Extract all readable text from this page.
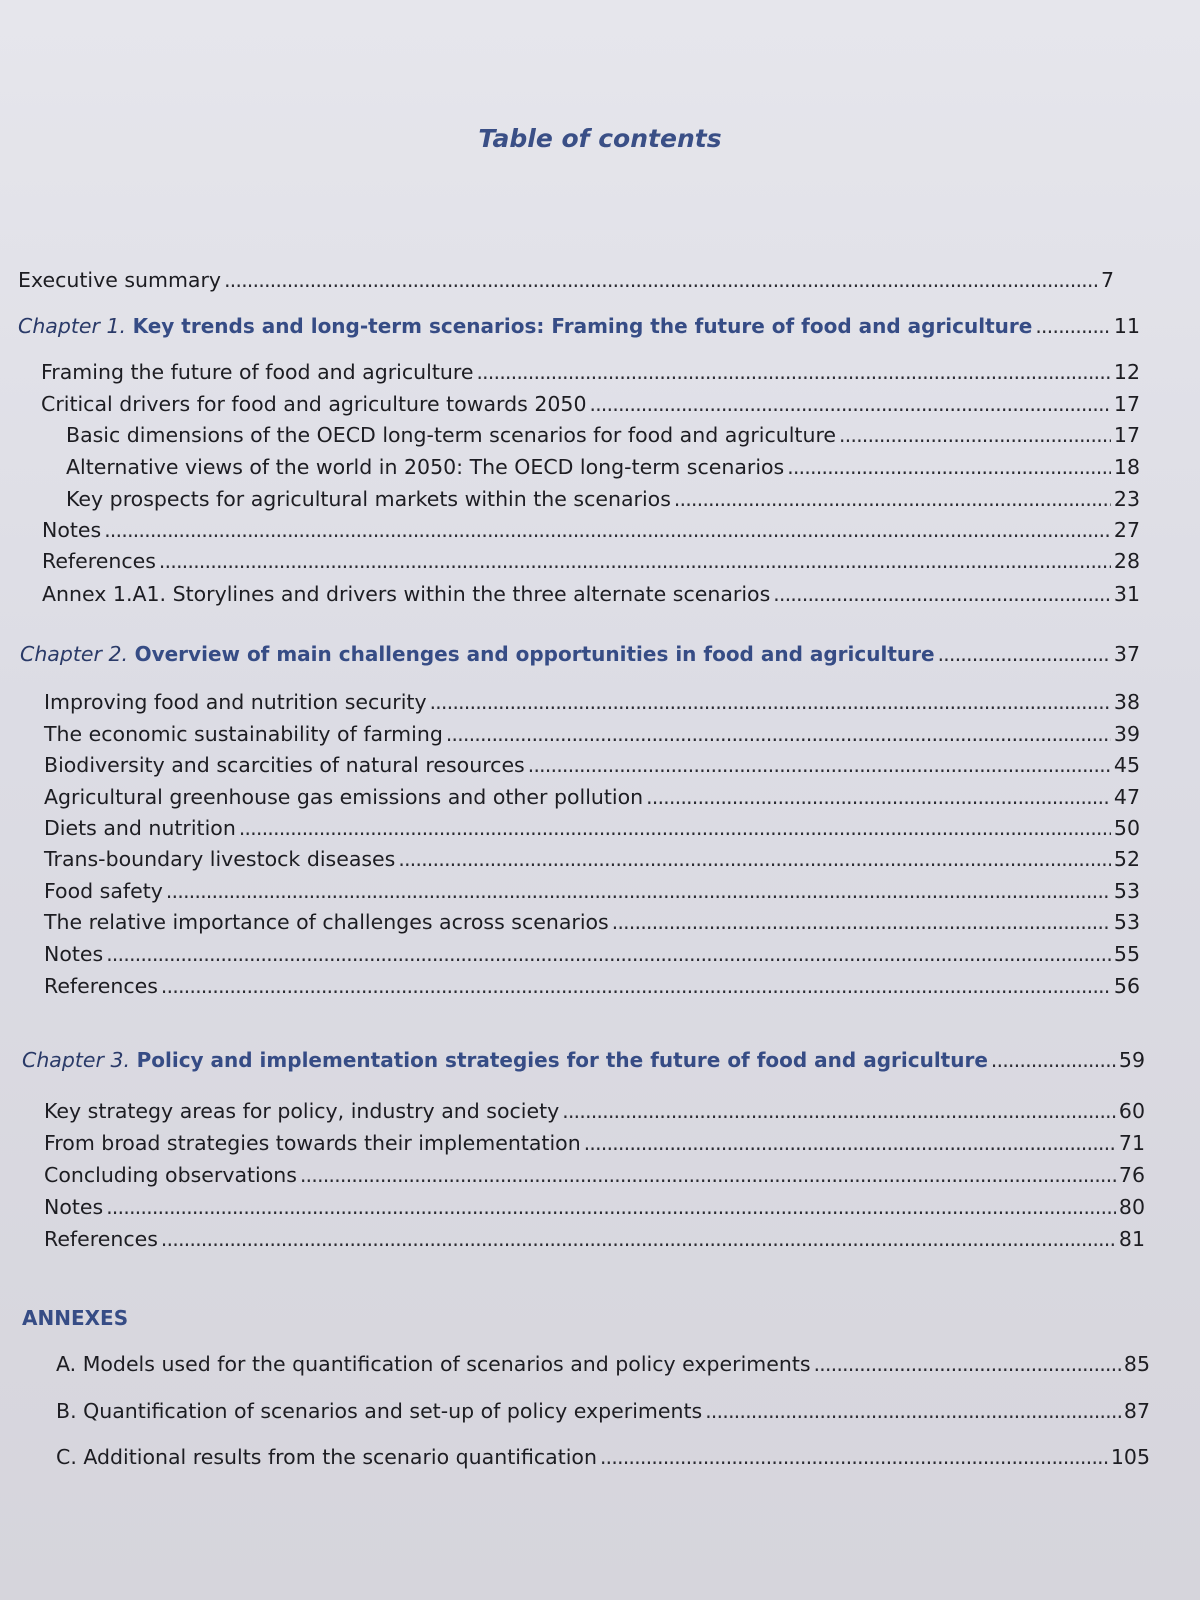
Table of contents
Executive summary . . .	7
Chapter 1. Key trends and long-term scenarios: Framing the future of food and agriculture . . .	11
Framing the future of food and agriculture . . .	12
Critical drivers for food and agriculture towards 2050 . . .	17
Basic dimensions of the OECD long-term scenarios for food and agriculture . . .	17
Alternative views of the world in 2050: The OECD long-term scenarios . . .	18
Key prospects for agricultural markets within the scenarios . . .	23
Notes . . .	27
References . . .	28
Annex 1.A1. Storylines and drivers within the three alternate scenarios . . .	31
Chapter 2. Overview of main challenges and opportunities in food and agriculture . . .	37
Improving food and nutrition security . . .	38
The economic sustainability of farming . . .	39
Biodiversity and scarcities of natural resources . . .	45
Agricultural greenhouse gas emissions and other pollution . . .	47
Diets and nutrition . . .	50
Trans-boundary livestock diseases . . .	52
Food safety . . .	53
The relative importance of challenges across scenarios . . .	53
Notes . . .	55
References . . .	56
Chapter 3. Policy and implementation strategies for the future of food and agriculture . . .	59
Key strategy areas for policy, industry and society . . .	60
From broad strategies towards their implementation . . .	71
Concluding observations . . .	76
Notes . . .	80
References . . .	81
ANNEXES
A. Models used for the quantification of scenarios and policy experiments . . .	85
B. Quantification of scenarios and set-up of policy experiments . . .	87
C. Additional results from the scenario quantification . . .	105
